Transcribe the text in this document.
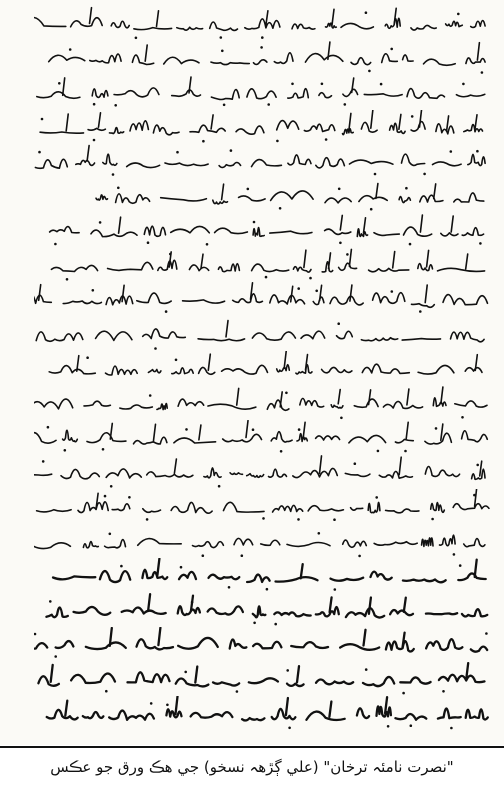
"نصرت نامئہ ترخان" (علي ڳڙهہ نسخو) جي هڪ ورق جو عڪس
